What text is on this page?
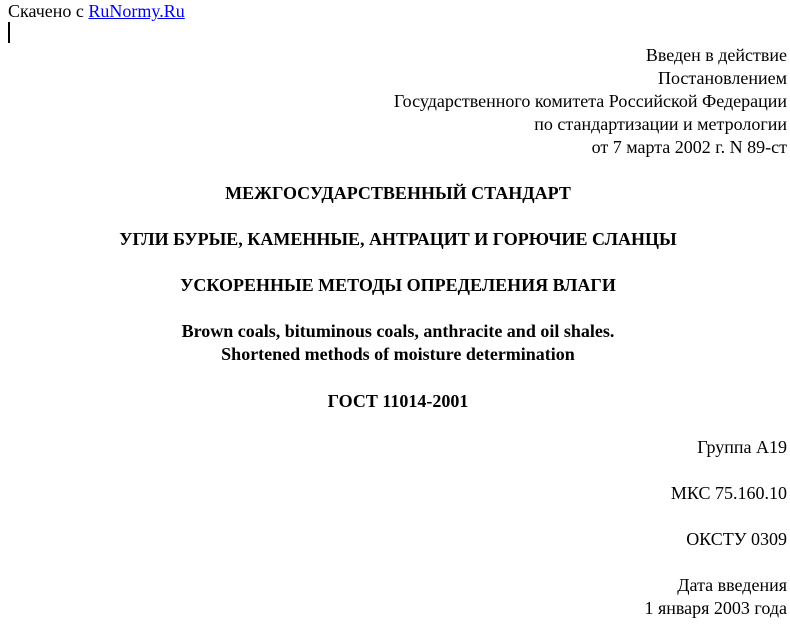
Скачено с RuNormy.Ru
Введен в действие
Постановлением
Государственного комитета Российской Федерации
по стандартизации и метрологии
от 7 марта 2002 г. N 89-ст
МЕЖГОСУДАРСТВЕННЫЙ СТАНДАРТ
УГЛИ БУРЫЕ, КАМЕННЫЕ, АНТРАЦИТ И ГОРЮЧИЕ СЛАНЦЫ
УСКОРЕННЫЕ МЕТОДЫ ОПРЕДЕЛЕНИЯ ВЛАГИ
Brown coals, bituminous coals, anthracite and oil shales.
Shortened methods of moisture determination
ГОСТ 11014-2001
Группа А19
МКС 75.160.10
ОКСТУ 0309
Дата введения
1 января 2003 года
